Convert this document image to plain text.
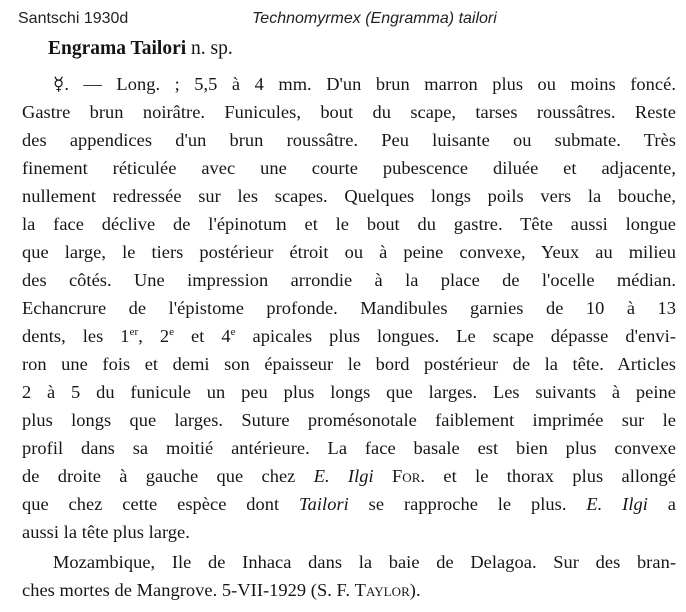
Santschi 1930d	Technomyrmex (Engramma) tailori
Engrama Tailori n. sp.
☿. — Long. ; 5,5 à 4 mm. D'un brun marron plus ou moins foncé.
Gastre brun noirâtre. Funicules, bout du scape, tarses roussâtres. Reste
des appendices d'un brun roussâtre. Peu luisante ou submate. Très
finement réticulée avec une courte pubescence diluée et adjacente,
nullement redressée sur les scapes. Quelques longs poils vers la bouche,
la face déclive de l'épinotum et le bout du gastre. Tête aussi longue
que large, le tiers postérieur étroit ou à peine convexe, Yeux au milieu
des côtés. Une impression arrondie à la place de l'ocelle médian.
Echancrure de l'épistome profonde. Mandibules garnies de 10 à 13
dents, les 1er, 2e et 4e apicales plus longues. Le scape dépasse d'envi-
ron une fois et demi son épaisseur le bord postérieur de la tête. Articles
2 à 5 du funicule un peu plus longs que larges. Les suivants à peine
plus longs que larges. Suture promésonotale faiblement imprimée sur le
profil dans sa moitié antérieure. La face basale est bien plus convexe
de droite à gauche que chez E. Ilgi For. et le thorax plus allongé
que chez cette espèce dont Tailori se rapproche le plus. E. Ilgi a
aussi la tête plus large.
Mozambique, Ile de Inhaca dans la baie de Delagoa. Sur des bran-
ches mortes de Mangrove. 5-VII-1929 (S. F. Taylor).
